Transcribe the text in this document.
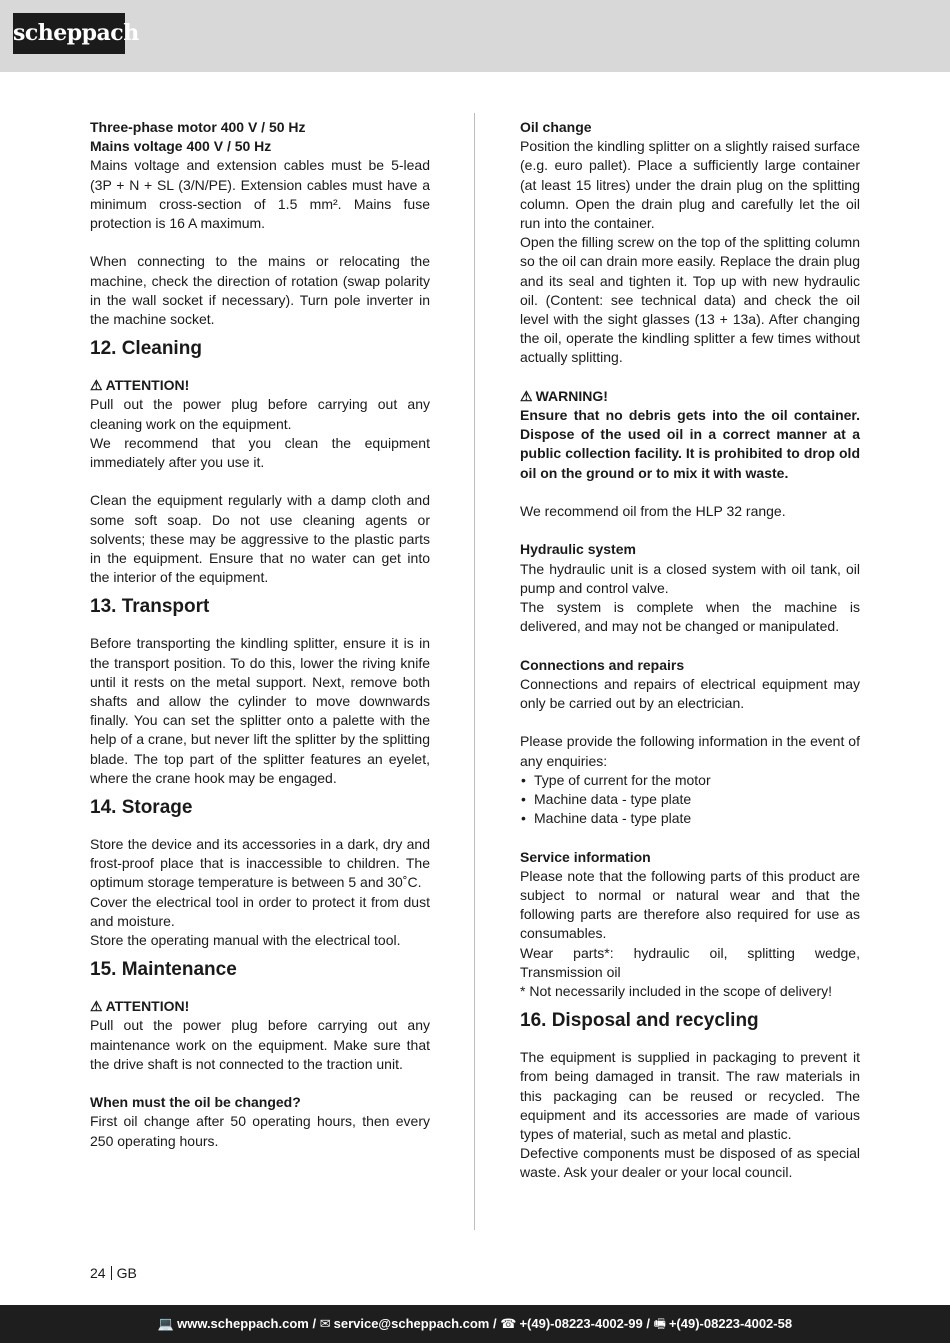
scheppach

Three-phase motor 400 V / 50 Hz

Mains voltage 400 V / 50 Hz

Mains voltage and extension cables must be 5-lead (3P + N + SL (3/N/PE). Extension cables must have a minimum cross-section of 1.5 mm². Mains fuse protection is 16 A maximum.

When connecting to the mains or relocating the machine, check the direction of rotation (swap polarity in the wall socket if necessary). Turn pole inverter in the machine socket.

12. Cleaning

⚠ ATTENTION!

Pull out the power plug before carrying out any cleaning work on the equipment.

We recommend that you clean the equipment immediately after you use it.

Clean the equipment regularly with a damp cloth and some soft soap. Do not use cleaning agents or solvents; these may be aggressive to the plastic parts in the equipment. Ensure that no water can get into the interior of the equipment.

13. Transport

Before transporting the kindling splitter, ensure it is in the transport position. To do this, lower the riving knife until it rests on the metal support. Next, remove both shafts and allow the cylinder to move downwards finally. You can set the splitter onto a palette with the help of a crane, but never lift the splitter by the splitting blade. The top part of the splitter features an eyelet, where the crane hook may be engaged.

14. Storage

Store the device and its accessories in a dark, dry and frost-proof place that is inaccessible to children. The optimum storage temperature is between 5 and 30˚C.

Cover the electrical tool in order to protect it from dust and moisture.

Store the operating manual with the electrical tool.

15. Maintenance

⚠ ATTENTION!

Pull out the power plug before carrying out any maintenance work on the equipment. Make sure that the drive shaft is not connected to the traction unit.

When must the oil be changed?

First oil change after 50 operating hours, then every 250 operating hours.

Oil change

Position the kindling splitter on a slightly raised surface (e.g. euro pallet). Place a sufficiently large container (at least 15 litres) under the drain plug on the splitting column. Open the drain plug and carefully let the oil run into the container.

Open the filling screw on the top of the splitting column so the oil can drain more easily. Replace the drain plug and its seal and tighten it. Top up with new hydraulic oil. (Content: see technical data) and check the oil level with the sight glasses (13 + 13a). After changing the oil, operate the kindling splitter a few times without actually splitting.

⚠ WARNING!

Ensure that no debris gets into the oil container. Dispose of the used oil in a correct manner at a public collection facility. It is prohibited to drop old oil on the ground or to mix it with waste.

We recommend oil from the HLP 32 range.

Hydraulic system

The hydraulic unit is a closed system with oil tank, oil pump and control valve.

The system is complete when the machine is delivered, and may not be changed or manipulated.

Connections and repairs

Connections and repairs of electrical equipment may only be carried out by an electrician.

Please provide the following information in the event of any enquiries:

• Type of current for the motor
• Machine data - type plate
• Machine data - type plate

Service information

Please note that the following parts of this product are subject to normal or natural wear and that the following parts are therefore also required for use as consumables.

Wear parts*: hydraulic oil, splitting wedge, Transmission oil

* Not necessarily included in the scope of delivery!

16. Disposal and recycling

The equipment is supplied in packaging to prevent it from being damaged in transit. The raw materials in this packaging can be reused or recycled. The equipment and its accessories are made of various types of material, such as metal and plastic.

Defective components must be disposed of as special waste. Ask your dealer or your local council.

24 GB
💻 www.scheppach.com / ✉ service@scheppach.com / ☎ +(49)-08223-4002-99 / 🖷 +(49)-08223-4002-58
